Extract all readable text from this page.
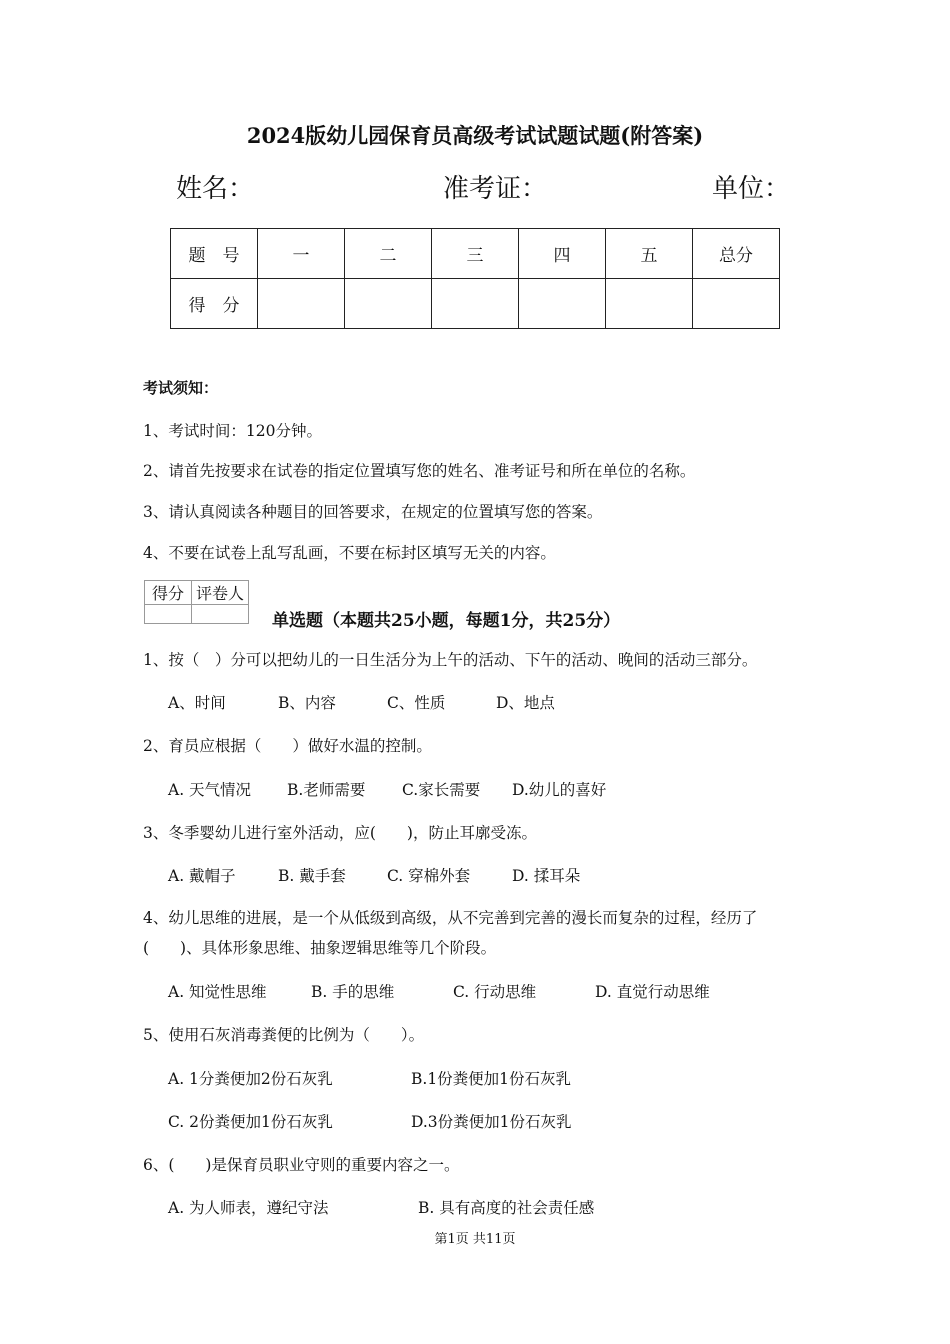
2024版幼儿园保育员高级考试试题试题(附答案)
姓名：	准考证：	单位：
题　号	一	二	三	四	五	总分
得　分						
考试须知：
1、考试时间：120分钟。
2、请首先按要求在试卷的指定位置填写您的姓名、准考证号和所在单位的名称。
3、请认真阅读各种题目的回答要求，在规定的位置填写您的答案。
4、不要在试卷上乱写乱画，不要在标封区填写无关的内容。
得分	评卷人

单选题（本题共25小题，每题1分，共25分）
1、按（　）分可以把幼儿的一日生活分为上午的活动、下午的活动、晚间的活动三部分。
A、时间	B、内容	C、性质	D、地点
2、育员应根据（　　）做好水温的控制。
A. 天气情况 B.老师需要 C.家长需要 D.幼儿的喜好
3、冬季婴幼儿进行室外活动，应(　　)，防止耳廓受冻。
A. 戴帽子	B. 戴手套	C. 穿棉外套	D. 揉耳朵
4、幼儿思维的进展，是一个从低级到高级，从不完善到完善的漫长而复杂的过程，经历了
(　　)、具体形象思维、抽象逻辑思维等几个阶段。
A. 知觉性思维	B. 手的思维	C. 行动思维	D. 直觉行动思维
5、使用石灰消毒粪便的比例为（　　）。
A. 1分粪便加2份石灰乳	B.1份粪便加1份石灰乳
C. 2份粪便加1份石灰乳	D.3份粪便加1份石灰乳
6、(　　)是保育员职业守则的重要内容之一。
A. 为人师表，遵纪守法	B. 具有高度的社会责任感
第1页 共11页
